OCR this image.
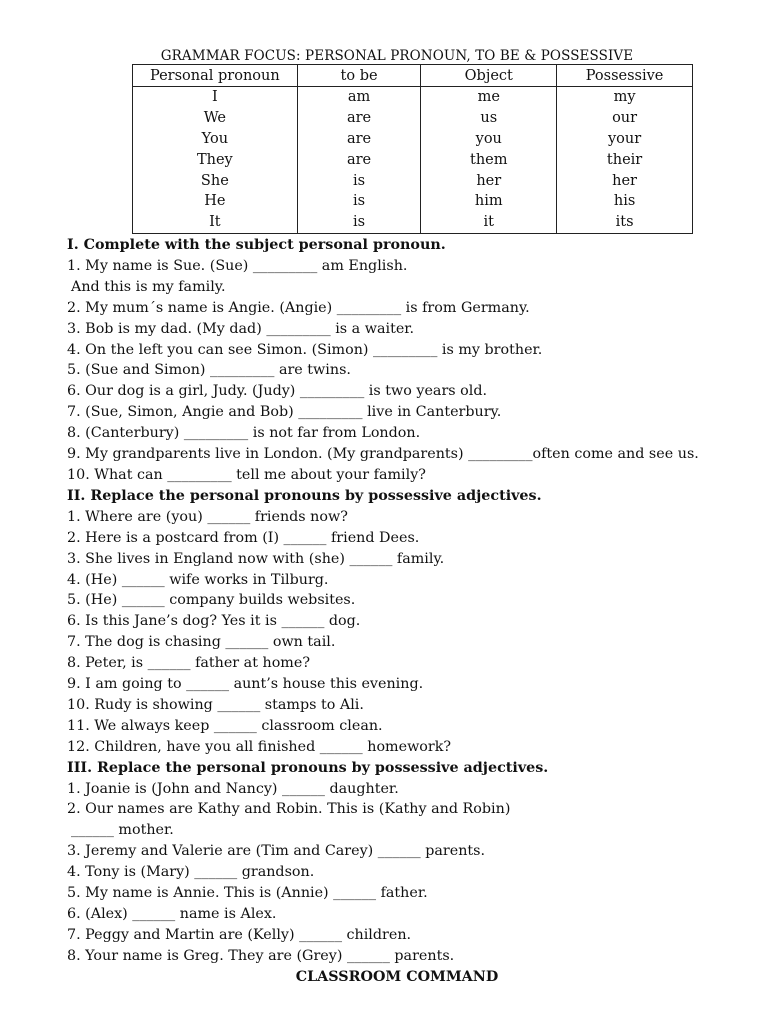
GRAMMAR FOCUS: PERSONAL PRONOUN, TO BE & POSSESSIVE
Personal pronoun	to be	Object	Possessive
I	am	me	my
We	are	us	our
You	are	you	your
They	are	them	their
She	is	her	her
He	is	him	his
It	is	it	its
I. Complete with the subject personal pronoun.
1. My name is Sue. (Sue) _________ am English.
And this is my family.
2. My mum´s name is Angie. (Angie) _________ is from Germany.
3. Bob is my dad. (My dad) _________ is a waiter.
4. On the left you can see Simon. (Simon) _________ is my brother.
5. (Sue and Simon) _________ are twins.
6. Our dog is a girl, Judy. (Judy) _________ is two years old.
7. (Sue, Simon, Angie and Bob) _________ live in Canterbury.
8. (Canterbury) _________ is not far from London.
9. My grandparents live in London. (My grandparents) _________often come and see us.
10. What can _________ tell me about your family?
II. Replace the personal pronouns by possessive adjectives.
1. Where are (you) ______ friends now?
2. Here is a postcard from (I) ______ friend Dees.
3. She lives in England now with (she) ______ family.
4. (He) ______ wife works in Tilburg.
5. (He) ______ company builds websites.
6. Is this Jane’s dog? Yes it is ______ dog.
7. The dog is chasing ______ own tail.
8. Peter, is ______ father at home?
9. I am going to ______ aunt’s house this evening.
10. Rudy is showing ______ stamps to Ali.
11. We always keep ______ classroom clean.
12. Children, have you all finished ______ homework?
III. Replace the personal pronouns by possessive adjectives.
1. Joanie is (John and Nancy) ______ daughter.
2. Our names are Kathy and Robin. This is (Kathy and Robin)
______ mother.
3. Jeremy and Valerie are (Tim and Carey) ______ parents.
4. Tony is (Mary) ______ grandson.
5. My name is Annie. This is (Annie) ______ father.
6. (Alex) ______ name is Alex.
7. Peggy and Martin are (Kelly) ______ children.
8. Your name is Greg. They are (Grey) ______ parents.
CLASSROOM COMMAND
